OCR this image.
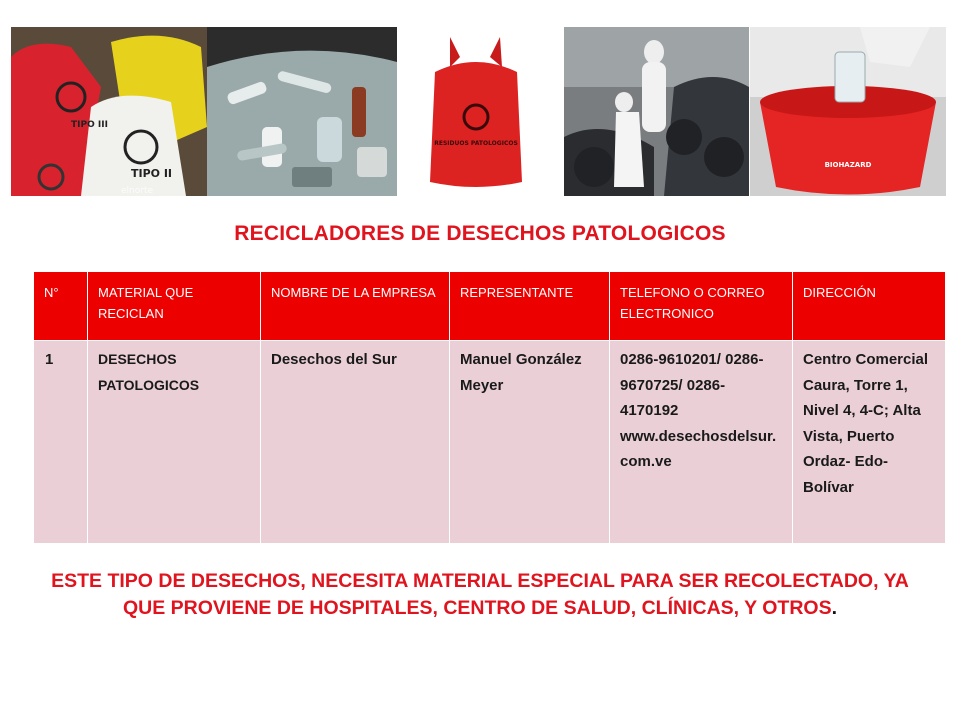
TIPO III
TIPO II
elnorte
RESIDUOS PATOLOGICOS
BIOHAZARD
RECICLADORES DE DESECHOS PATOLOGICOS
N°	MATERIAL QUE RECICLAN	NOMBRE DE LA EMPRESA	REPRESENTANTE	TELEFONO O CORREO ELECTRONICO	DIRECCIÓN
1	DESECHOS PATOLOGICOS	Desechos del Sur	Manuel González Meyer	0286-9610201/ 0286-9670725/ 0286-4170192 www.desechosdelsur.com.ve	Centro Comercial Caura, Torre 1, Nivel 4, 4-C; Alta Vista, Puerto Ordaz- Edo-Bolívar
ESTE TIPO DE DESECHOS, NECESITA MATERIAL ESPECIAL PARA SER RECOLECTADO, YA QUE PROVIENE DE HOSPITALES, CENTRO DE SALUD, CLÍNICAS, Y OTROS.
